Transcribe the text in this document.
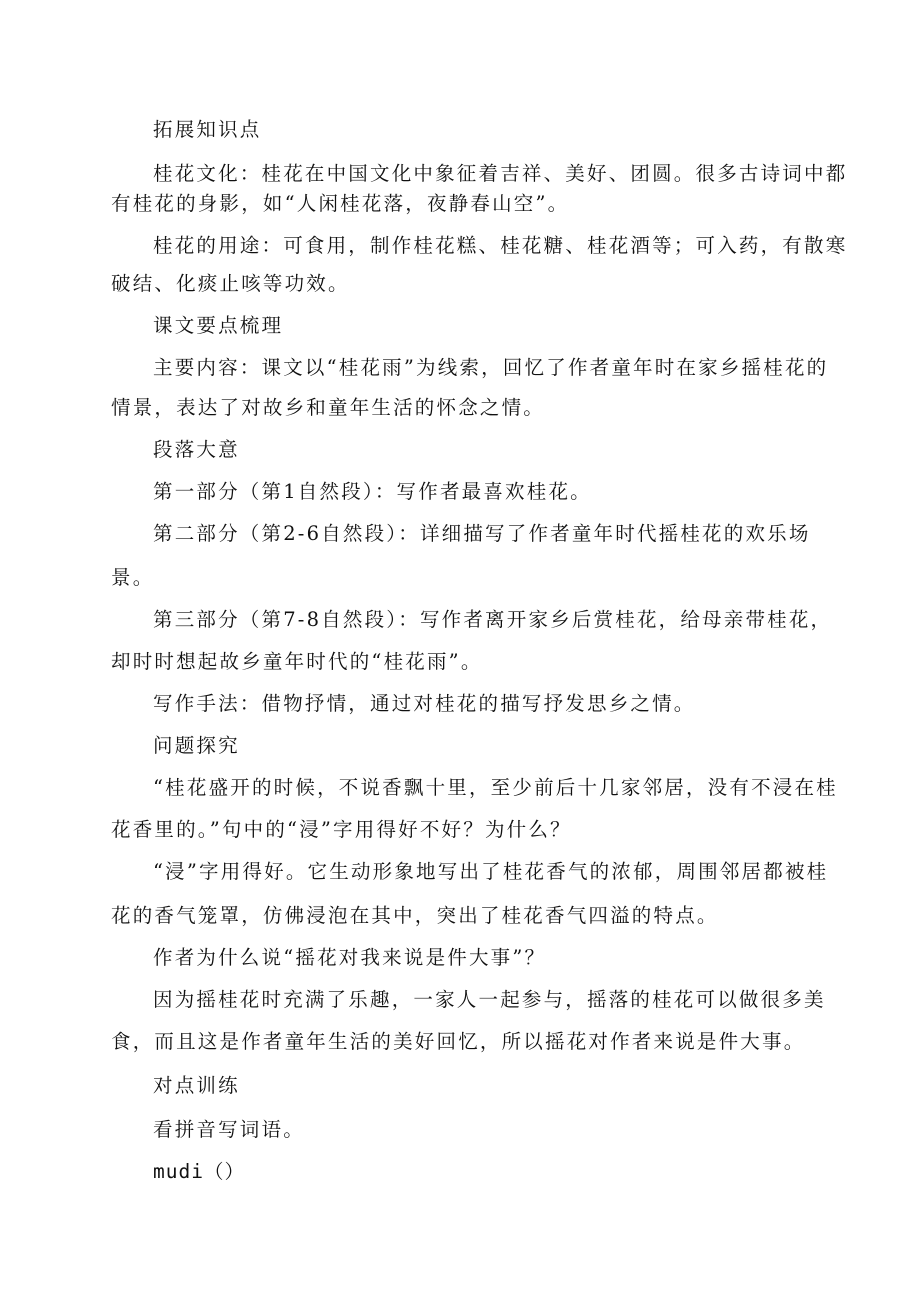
拓展知识点
桂花文化：桂花在中国文化中象征着吉祥、美好、团圆。很多古诗词中都
有桂花的身影，如“人闲桂花落，夜静春山空”。
桂花的用途：可食用，制作桂花糕、桂花糖、桂花酒等；可入药，有散寒
破结、化痰止咳等功效。
课文要点梳理
主要内容：课文以“桂花雨”为线索，回忆了作者童年时在家乡摇桂花的
情景，表达了对故乡和童年生活的怀念之情。
段落大意
第一部分（第1自然段）：写作者最喜欢桂花。
第二部分（第2-6自然段）：详细描写了作者童年时代摇桂花的欢乐场
景。
第三部分（第7-8自然段）：写作者离开家乡后赏桂花，给母亲带桂花，
却时时想起故乡童年时代的“桂花雨”。
写作手法：借物抒情，通过对桂花的描写抒发思乡之情。
问题探究
“桂花盛开的时候，不说香飘十里，至少前后十几家邻居，没有不浸在桂
花香里的。”句中的“浸”字用得好不好？为什么？
“浸”字用得好。它生动形象地写出了桂花香气的浓郁，周围邻居都被桂
花的香气笼罩，仿佛浸泡在其中，突出了桂花香气四溢的特点。
作者为什么说“摇花对我来说是件大事”？
因为摇桂花时充满了乐趣，一家人一起参与，摇落的桂花可以做很多美
食，而且这是作者童年生活的美好回忆，所以摇花对作者来说是件大事。
对点训练
看拼音写词语。
mudi（）
